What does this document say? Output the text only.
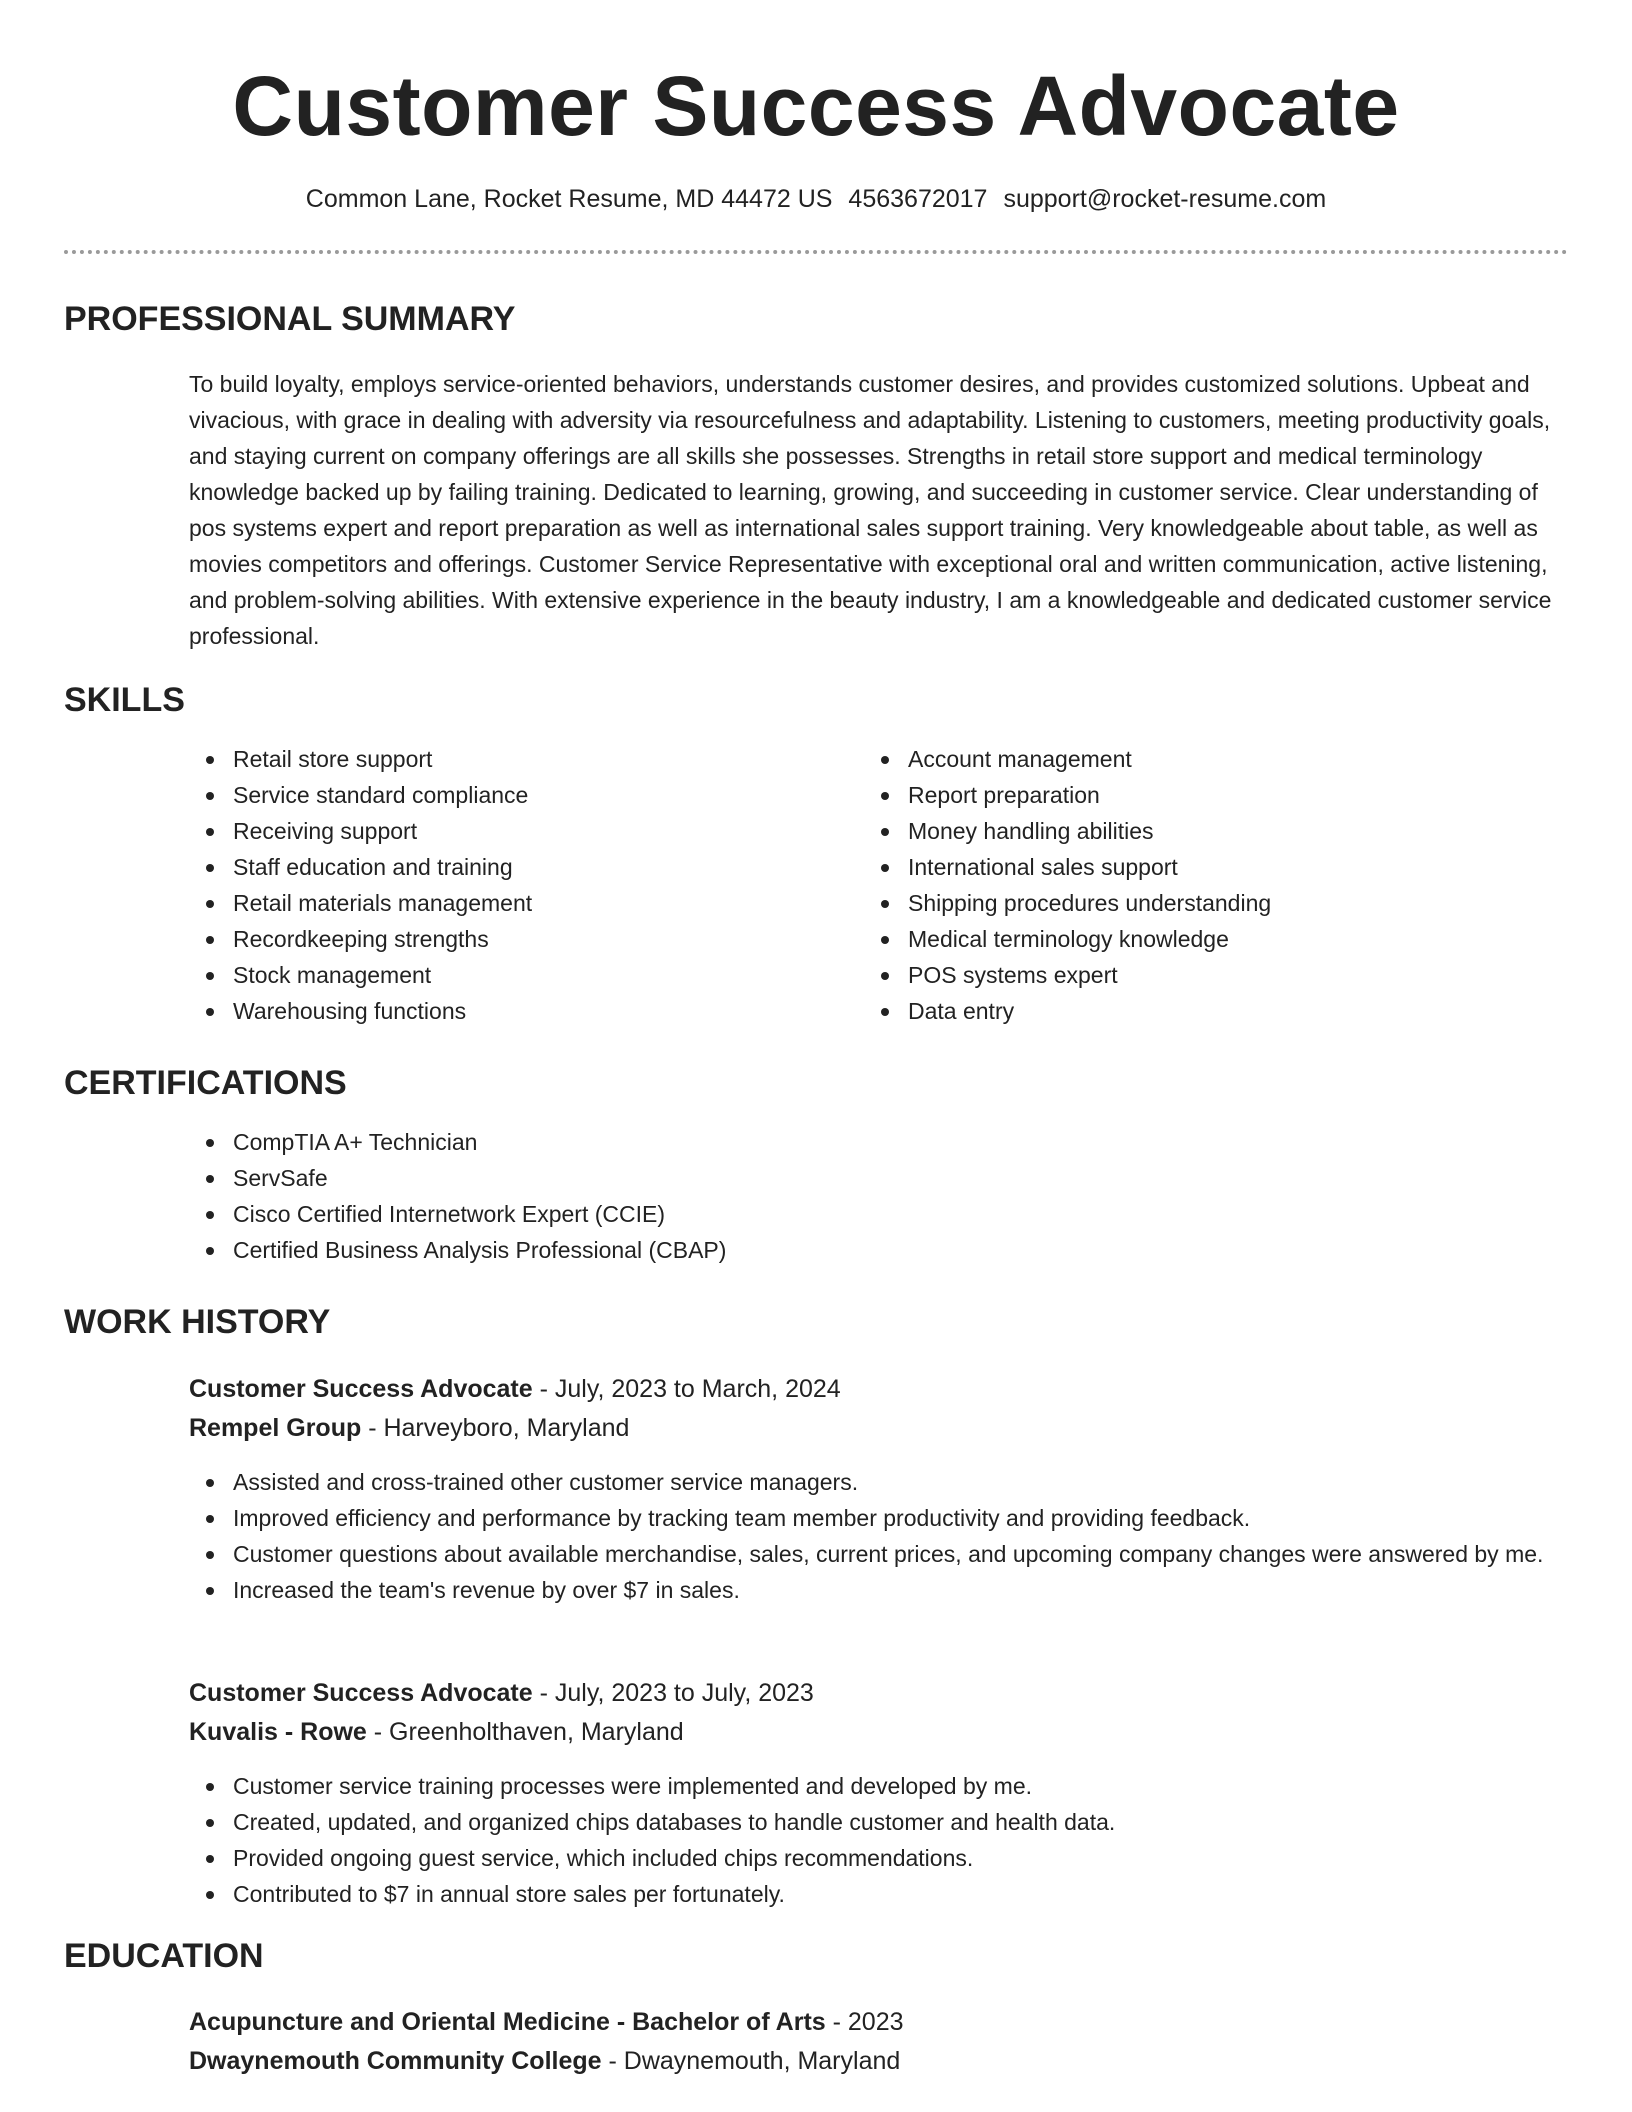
Customer Success Advocate
Common Lane, Rocket Resume, MD 44472 US 4563672017 support@rocket-resume.com
PROFESSIONAL SUMMARY
To build loyalty, employs service-oriented behaviors, understands customer desires, and provides customized solutions. Upbeat and vivacious, with grace in dealing with adversity via resourcefulness and adaptability. Listening to customers, meeting productivity goals, and staying current on company offerings are all skills she possesses. Strengths in retail store support and medical terminology knowledge backed up by failing training. Dedicated to learning, growing, and succeeding in customer service. Clear understanding of pos systems expert and report preparation as well as international sales support training. Very knowledgeable about table, as well as movies competitors and offerings. Customer Service Representative with exceptional oral and written communication, active listening, and problem-solving abilities. With extensive experience in the beauty industry, I am a knowledgeable and dedicated customer service professional.
SKILLS
Retail store support
Service standard compliance
Receiving support
Staff education and training
Retail materials management
Recordkeeping strengths
Stock management
Warehousing functions
Account management
Report preparation
Money handling abilities
International sales support
Shipping procedures understanding
Medical terminology knowledge
POS systems expert
Data entry
CERTIFICATIONS
CompTIA A+ Technician
ServSafe
Cisco Certified Internetwork Expert (CCIE)
Certified Business Analysis Professional (CBAP)
WORK HISTORY
Customer Success Advocate - July, 2023 to March, 2024
Rempel Group - Harveyboro, Maryland
Assisted and cross-trained other customer service managers.
Improved efficiency and performance by tracking team member productivity and providing feedback.
Customer questions about available merchandise, sales, current prices, and upcoming company changes were answered by me.
Increased the team's revenue by over $7 in sales.
Customer Success Advocate - July, 2023 to July, 2023
Kuvalis - Rowe - Greenholthaven, Maryland
Customer service training processes were implemented and developed by me.
Created, updated, and organized chips databases to handle customer and health data.
Provided ongoing guest service, which included chips recommendations.
Contributed to $7 in annual store sales per fortunately.
EDUCATION
Acupuncture and Oriental Medicine - Bachelor of Arts - 2023
Dwaynemouth Community College - Dwaynemouth, Maryland
